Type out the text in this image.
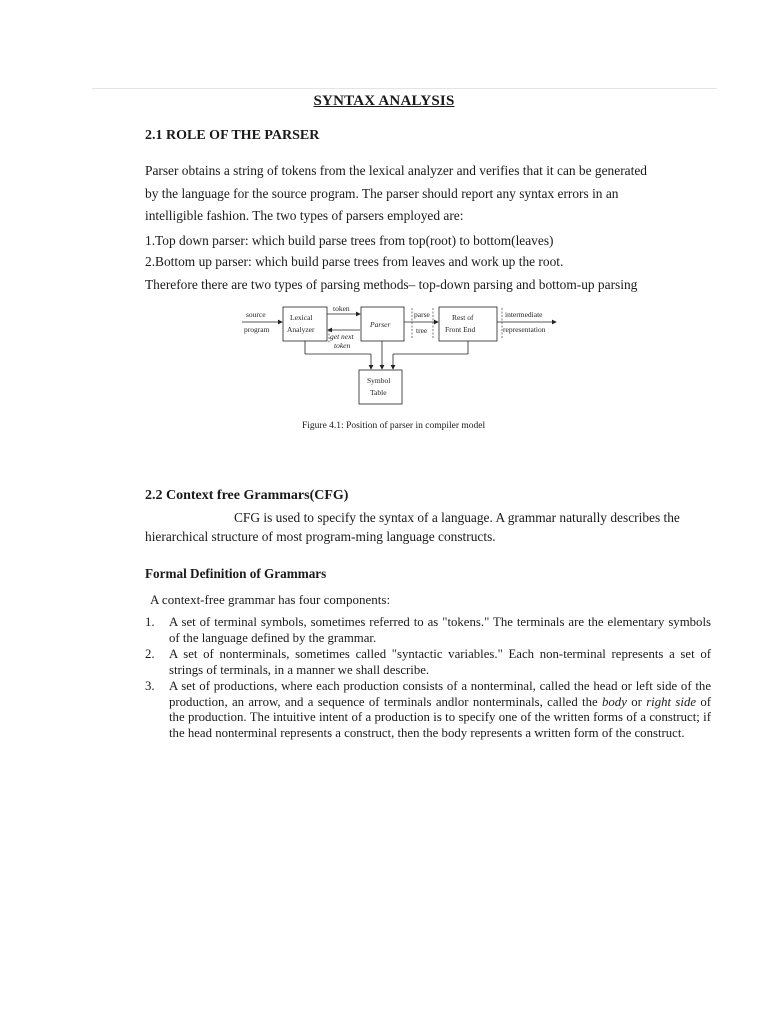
SYNTAX ANALYSIS
2.1 ROLE OF THE PARSER

Parser obtains a string of tokens from the lexical analyzer and verifies that it can be generated

by the language for the source program. The parser should report any syntax errors in an

intelligible fashion. The two types of parsers employed are:

1.Top down parser: which build parse trees from top(root) to bottom(leaves)
2.Bottom up parser: which build parse trees from leaves and work up the root.
Therefore there are two types of parsing methods– top-down parsing and bottom-up parsing
source
program
Lexical
Analyzer
token
get next
token
Parser
parse
tree
Rest of
Front End
intermediate
representation
Symbol
Table
Figure 4.1: Position of parser in compiler model
2.2 Context free Grammars(CFG)
CFG is used to specify the syntax of a language. A grammar naturally describes the
hierarchical structure of most program-ming language constructs.
Formal Definition of Grammars
A context-free grammar has four components:
1. A set of terminal symbols, sometimes referred to as "tokens." The terminals are the elementary symbols of the language defined by the grammar.
2. A set of nonterminals, sometimes called "syntactic variables." Each non-terminal represents a set of strings of terminals, in a manner we shall describe.
3. A set of productions, where each production consists of a nonterminal, called the head or left side of the production, an arrow, and a sequence of terminals andlor nonterminals, called the body or right side of the production. The intuitive intent of a production is to specify one of the written forms of a construct; if the head nonterminal represents a construct, then the body represents a written form of the construct.
